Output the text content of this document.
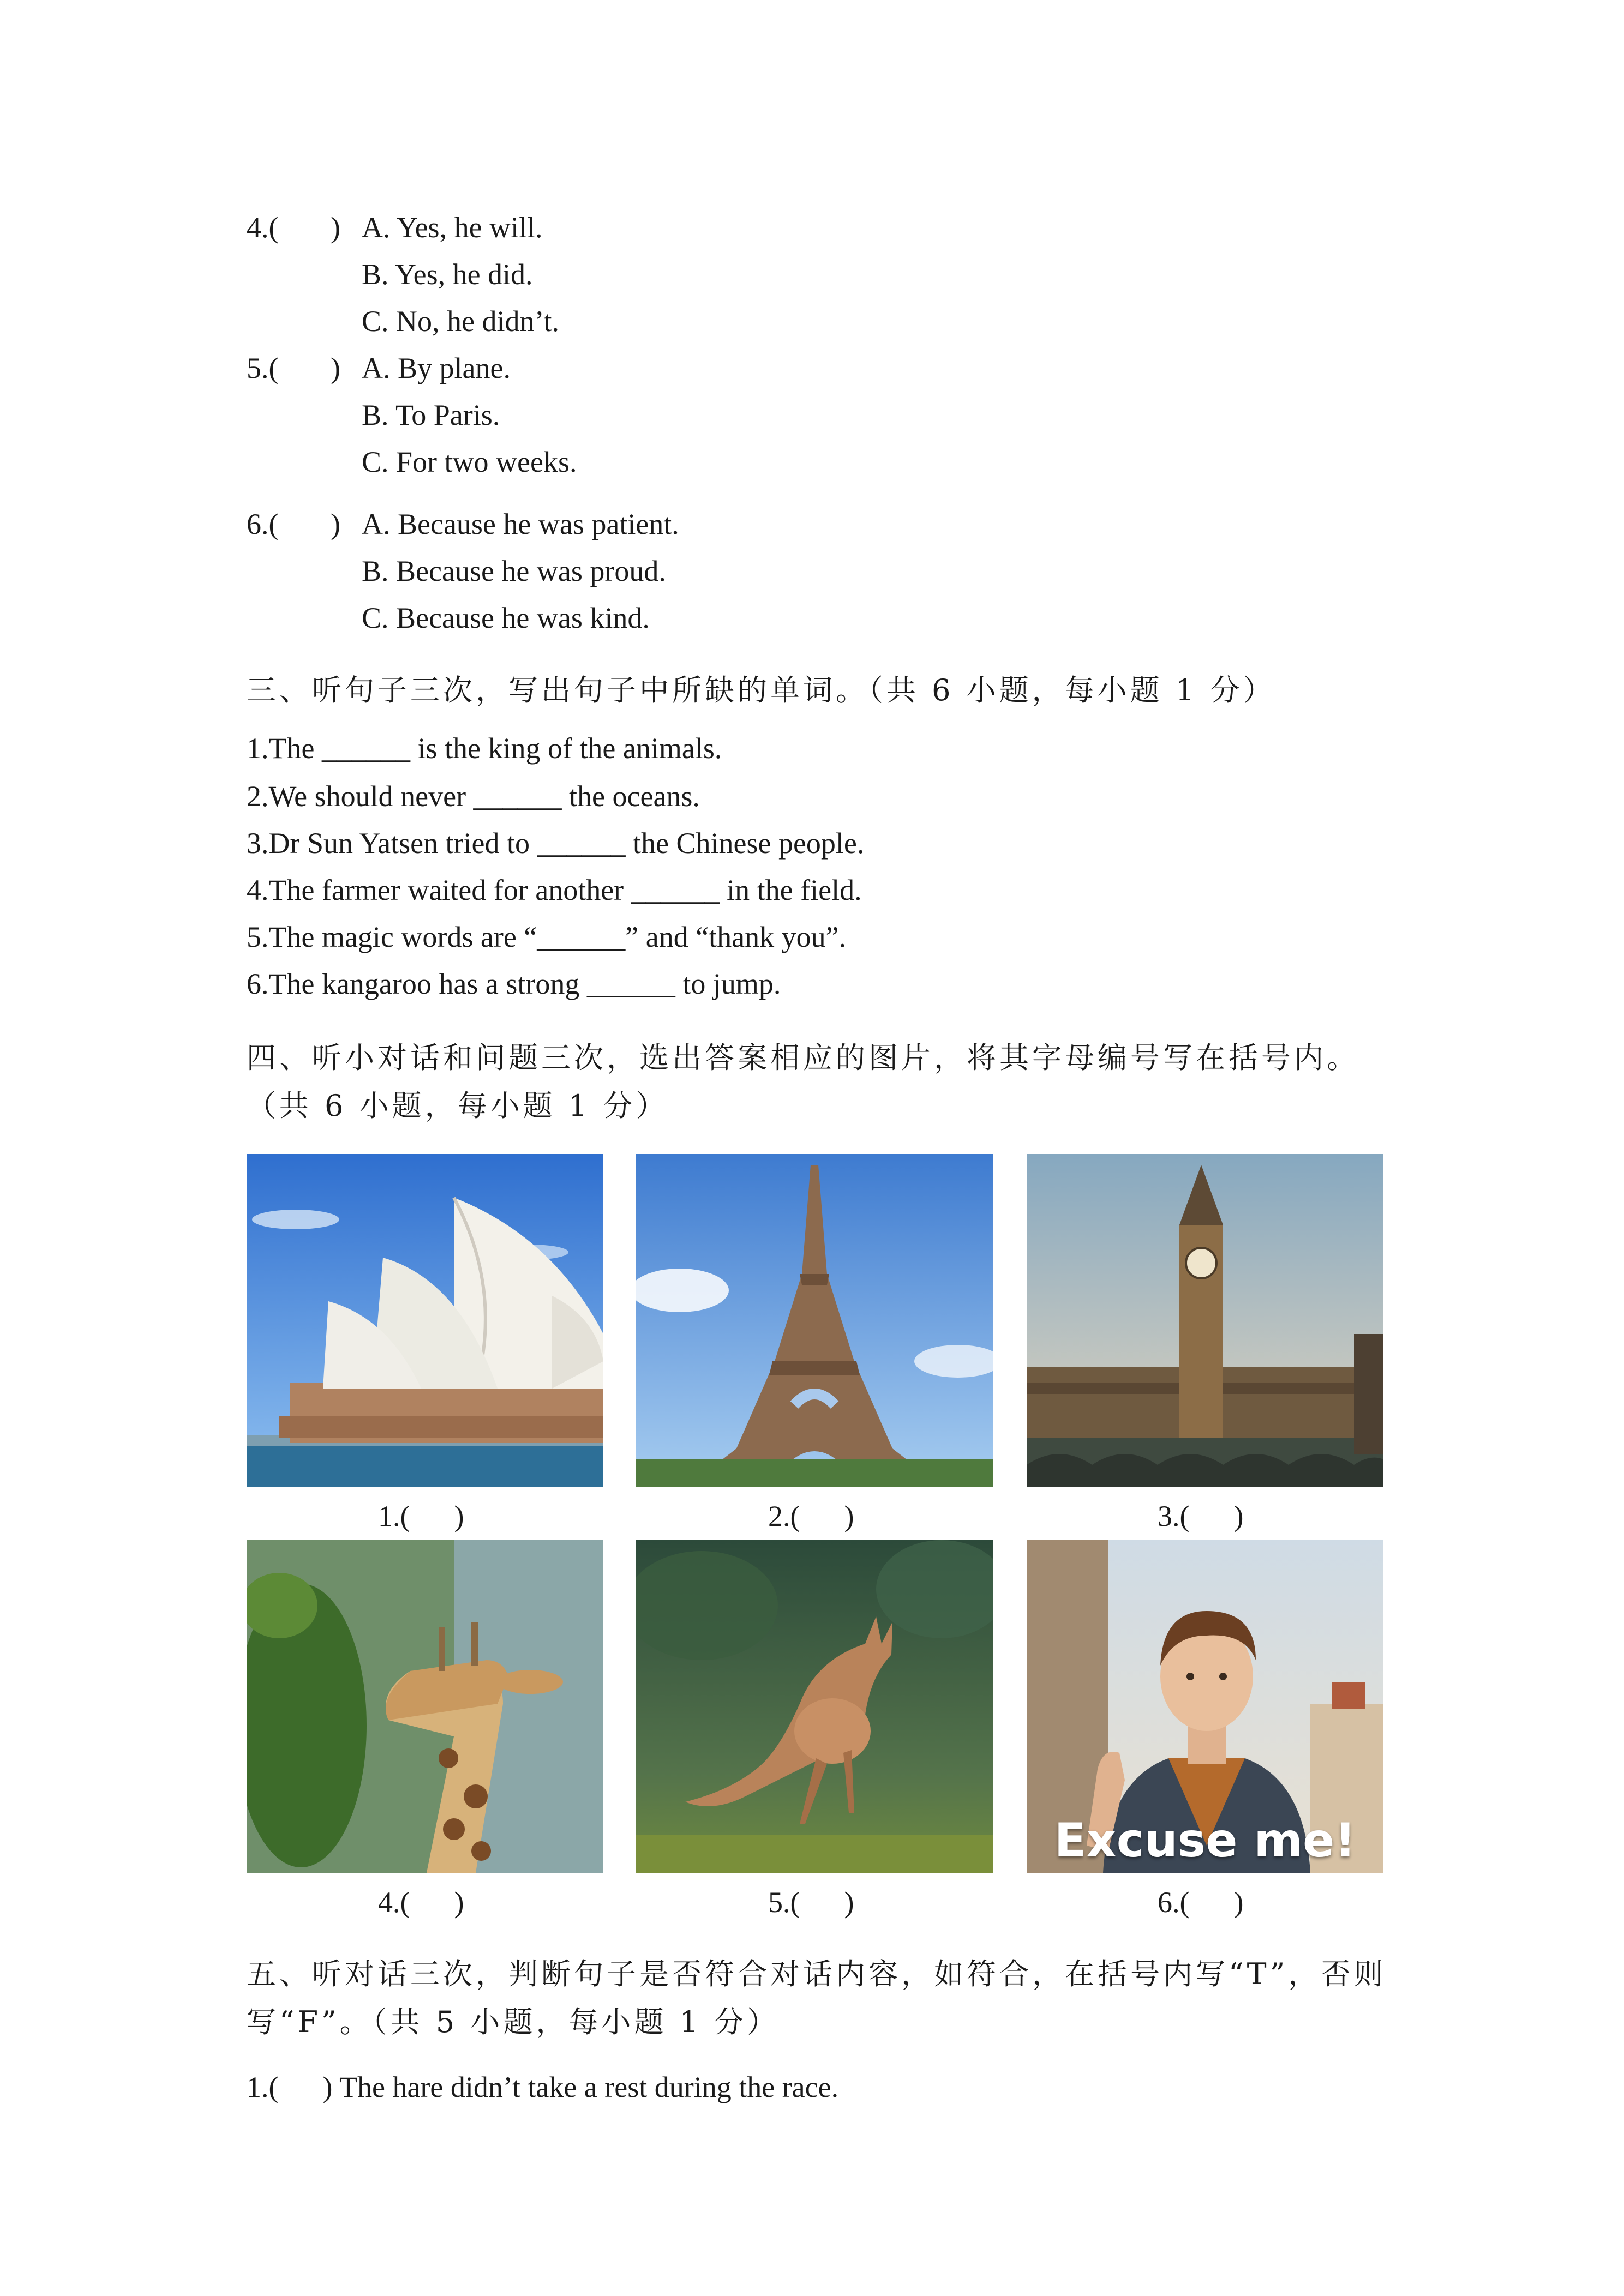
4.( ) A. Yes, he will.
B. Yes, he did.
C. No, he didn’t.
5.( ) A. By plane.
B. To Paris.
C. For two weeks.
6.( ) A. Because he was patient.
B. Because he was proud.
C. Because he was kind.
三、听句子三次，写出句子中所缺的单词。（共 6 小题，每小题 1 分）
1.The ______ is the king of the animals.
2.We should never ______ the oceans.
3.Dr Sun Yatsen tried to ______ the Chinese people.
4.The farmer waited for another ______ in the field.
5.The magic words are “______” and “thank you”.
6.The kangaroo has a strong ______ to jump.
四、听小对话和问题三次，选出答案相应的图片，将其字母编号写在括号内。（共 6 小题，每小题 1 分）
1.(      )	2.(      )	3.(      )
4.(      )	5.(      )
Excuse me!
6.(      )
五、听对话三次，判断句子是否符合对话内容，如符合，在括号内写“T”，否则写“F”。（共 5 小题，每小题 1 分）
1.(      ) The hare didn’t take a rest during the race.
